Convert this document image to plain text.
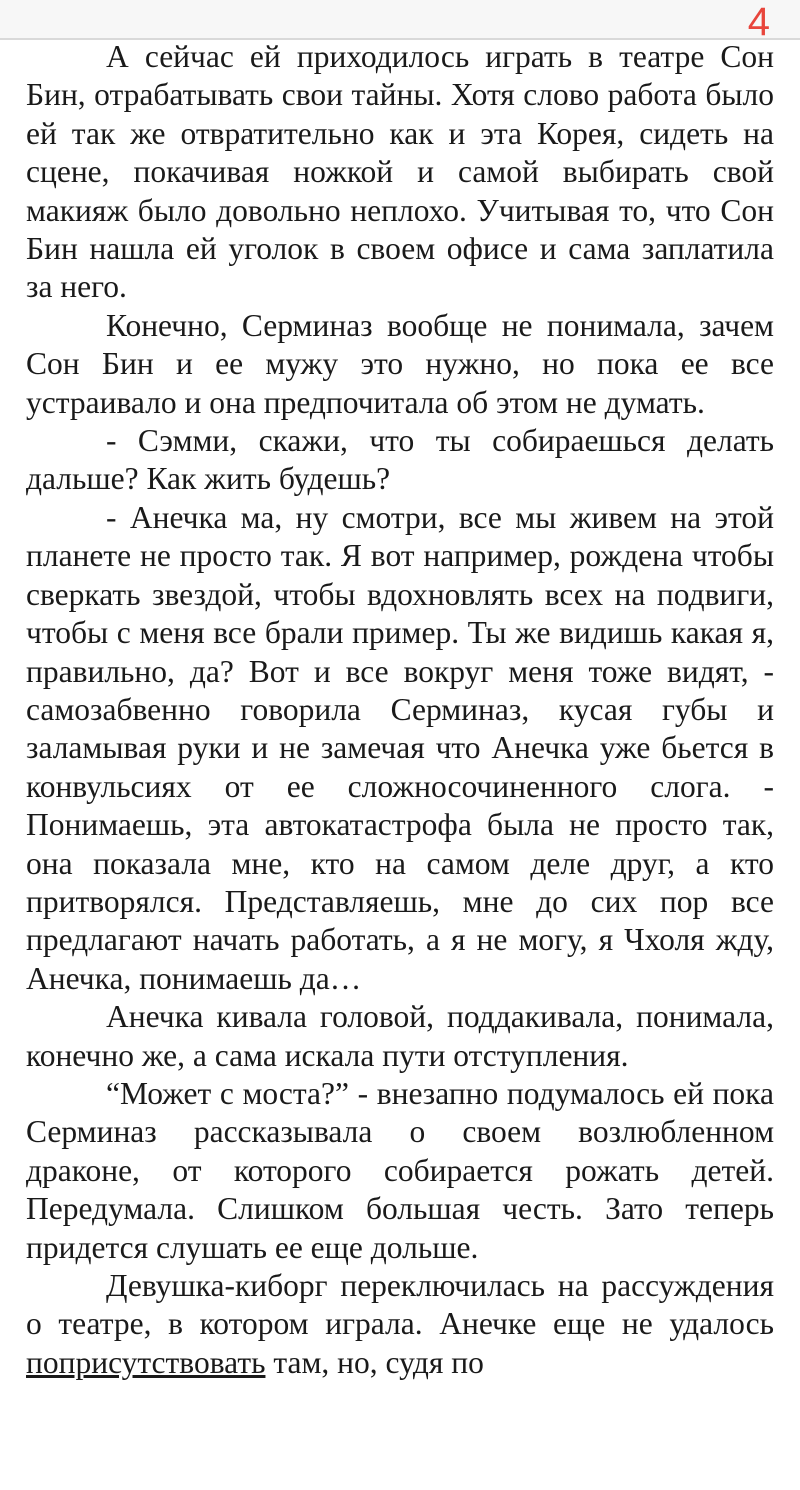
4

А сейчас ей приходилось играть в театре Сон Бин, отрабатывать свои тайны. Хотя слово работа было ей так же отвратительно как и эта Корея, сидеть на сцене, покачивая ножкой и самой выбирать свой макияж было довольно неплохо. Учитывая то, что Сон Бин нашла ей уголок в своем офисе и сама заплатила за него.

Конечно, Серминаз вообще не понимала, зачем Сон Бин и ее мужу это нужно, но пока ее все устраивало и она предпочитала об этом не думать.

- Сэмми, скажи, что ты собираешься делать дальше? Как жить будешь?

- Анечка ма, ну смотри, все мы живем на этой планете не просто так. Я вот например, рождена чтобы сверкать звездой, чтобы вдохновлять всех на подвиги, чтобы с меня все брали пример. Ты же видишь какая я, правильно, да? Вот и все вокруг меня тоже видят, - самозабвенно говорила Серминаз, кусая губы и заламывая руки и не замечая что Анечка уже бьется в конвульсиях от ее сложносочиненного слога. - Понимаешь, эта автокатастрофа была не просто так, она показала мне, кто на самом деле друг, а кто притворялся. Представляешь, мне до сих пор все предлагают начать работать, а я не могу, я Чхоля жду, Анечка, понимаешь да…

Анечка кивала головой, поддакивала, понимала, конечно же, а сама искала пути отступления.

“Может с моста?” - внезапно подумалось ей пока Серминаз рассказывала о своем возлюбленном драконе, от которого собирается рожать детей. Передумала. Слишком большая честь. Зато теперь придется слушать ее еще дольше.

Девушка-киборг переключилась на рассуждения о театре, в котором играла. Анечке еще не удалось поприсутствовать там, но, судя по
